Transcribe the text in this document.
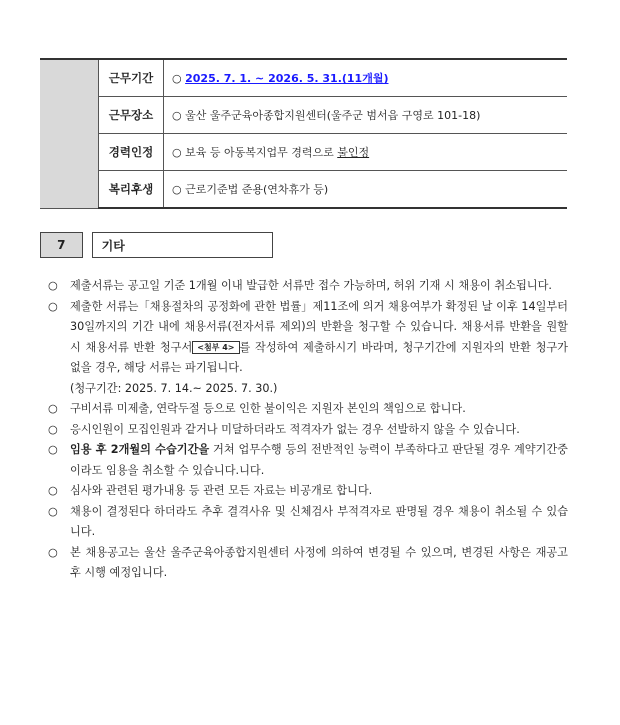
	근무기간	○ 2025. 7. 1. ~ 2026. 5. 31.(11개월)
	근무장소	○ 울산 울주군육아종합지원센터(울주군 범서읍 구영로 101-18)
	경력인정	○ 보육 등 아동복지업무 경력으로 불인정
	복리후생	○ 근로기준법 준용(연차휴가 등)
7	기타
○	제출서류는 공고일 기준 1개월 이내 발급한 서류만 접수 가능하며, 허위 기재 시 채용이 취소됩니다.
○	제출한 서류는「채용절차의 공정화에 관한 법률」제11조에 의거 채용여부가 확정된 날 이후 14일부터 30일까지의 기간 내에 채용서류(전자서류 제외)의 반환을 청구할 수 있습니다. 채용서류 반환을 원할 시 채용서류 반환 청구서 <첨부 4> 를 작성하여 제출하시기 바라며, 청구기간에 지원자의 반환 청구가 없을 경우, 해당 서류는 파기됩니다.
(청구기간: 2025. 7. 14.~ 2025. 7. 30.)
○	구비서류 미제출, 연락두절 등으로 인한 불이익은 지원자 본인의 책임으로 합니다.
○	응시인원이 모집인원과 같거나 미달하더라도 적격자가 없는 경우 선발하지 않을 수 있습니다.
○	임용 후 2개월의 수습기간을 거쳐 업무수행 등의 전반적인 능력이 부족하다고 판단될 경우 계약기간중이라도 임용을 취소할 수 있습니다.니다.
○	심사와 관련된 평가내용 등 관련 모든 자료는 비공개로 합니다.
○	채용이 결정된다 하더라도 추후 결격사유 및 신체검사 부적격자로 판명될 경우 채용이 취소될 수 있습니다.
○	본 채용공고는 울산 울주군육아종합지원센터 사정에 의하여 변경될 수 있으며, 변경된 사항은 재공고 후 시행 예정입니다.
